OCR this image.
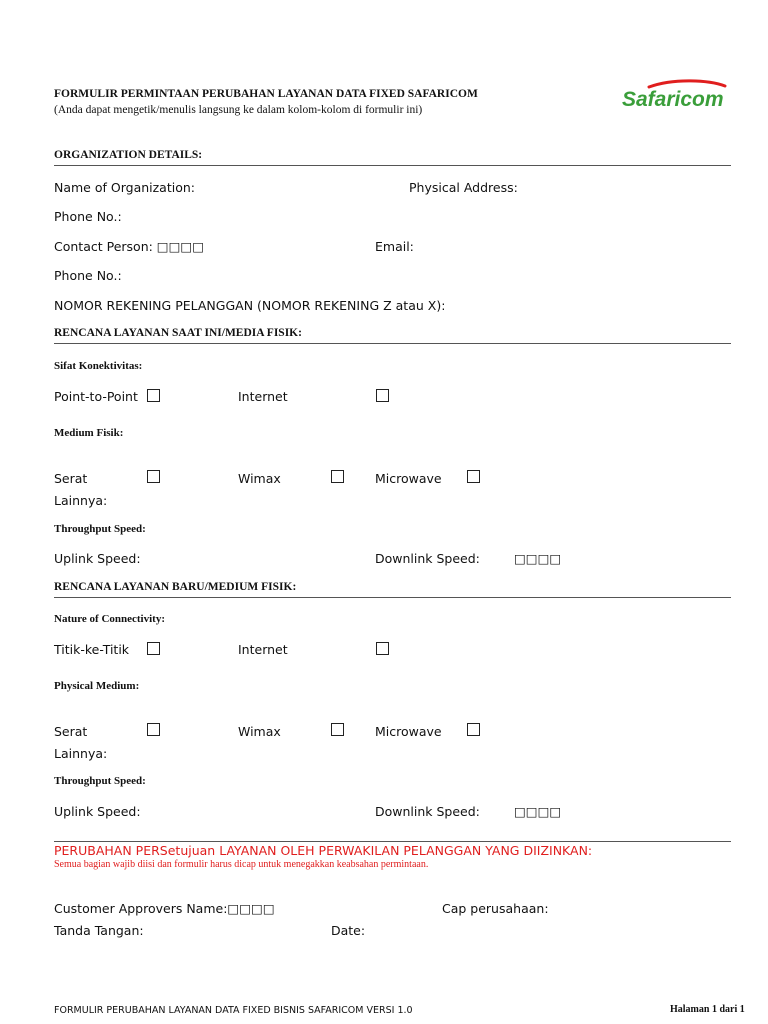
FORMULIR PERMINTAAN PERUBAHAN LAYANAN DATA FIXED SAFARICOM
(Anda dapat mengetik/menulis langsung ke dalam kolom-kolom di formulir ini)	Safaricom
ORGANIZATION DETAILS:
Name of Organization:	Physical Address:
Phone No.:
Contact Person: □□□□	Email:
Phone No.:
NOMOR REKENING PELANGGAN (NOMOR REKENING Z atau X):
RENCANA LAYANAN SAAT INI/MEDIA FISIK:
Sifat Konektivitas:
Point-to-Point	Internet
Medium Fisik:
Serat	Wimax	Microwave
Lainnya:
Throughput Speed:
Uplink Speed:	Downlink Speed:	□□□□
RENCANA LAYANAN BARU/MEDIUM FISIK:
Nature of Connectivity:
Titik-ke-Titik	Internet
Physical Medium:
Serat	Wimax	Microwave
Lainnya:
Throughput Speed:
Uplink Speed:	Downlink Speed:	□□□□
PERUBAHAN PERSetujuan LAYANAN OLEH PERWAKILAN PELANGGAN YANG DIIZINKAN:
Semua bagian wajib diisi dan formulir harus dicap untuk menegakkan keabsahan permintaan.
Customer Approvers Name:□□□□	Cap perusahaan:
Tanda Tangan:	Date:
FORMULIR PERUBAHAN LAYANAN DATA FIXED BISNIS SAFARICOM VERSI 1.0	Halaman 1 dari 1
